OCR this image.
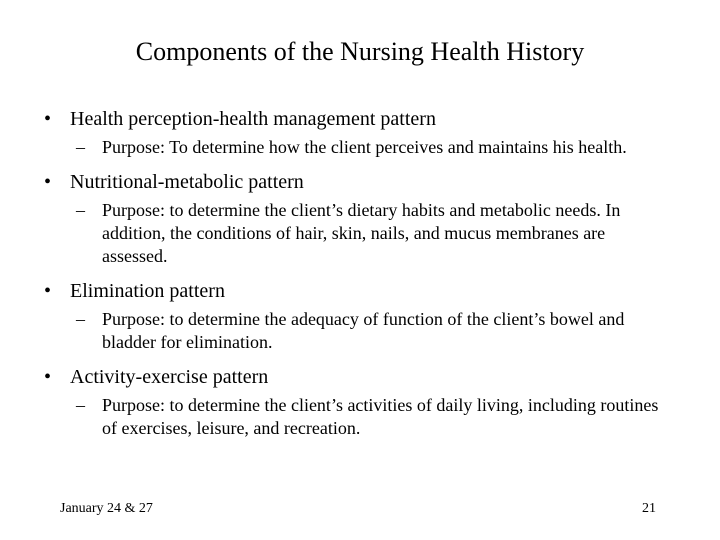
Components of the Nursing Health History

• Health perception-health management pattern

– Purpose: To determine how the client perceives and maintains his health.

• Nutritional-metabolic pattern

– Purpose: to determine the client’s dietary habits and metabolic needs. In addition, the conditions of hair, skin, nails, and mucus membranes are assessed.

• Elimination pattern

– Purpose: to determine the adequacy of function of the client’s bowel and bladder for elimination.

• Activity-exercise pattern

– Purpose: to determine the client’s activities of daily living, including routines of exercises, leisure, and recreation.

January 24 & 27	21
